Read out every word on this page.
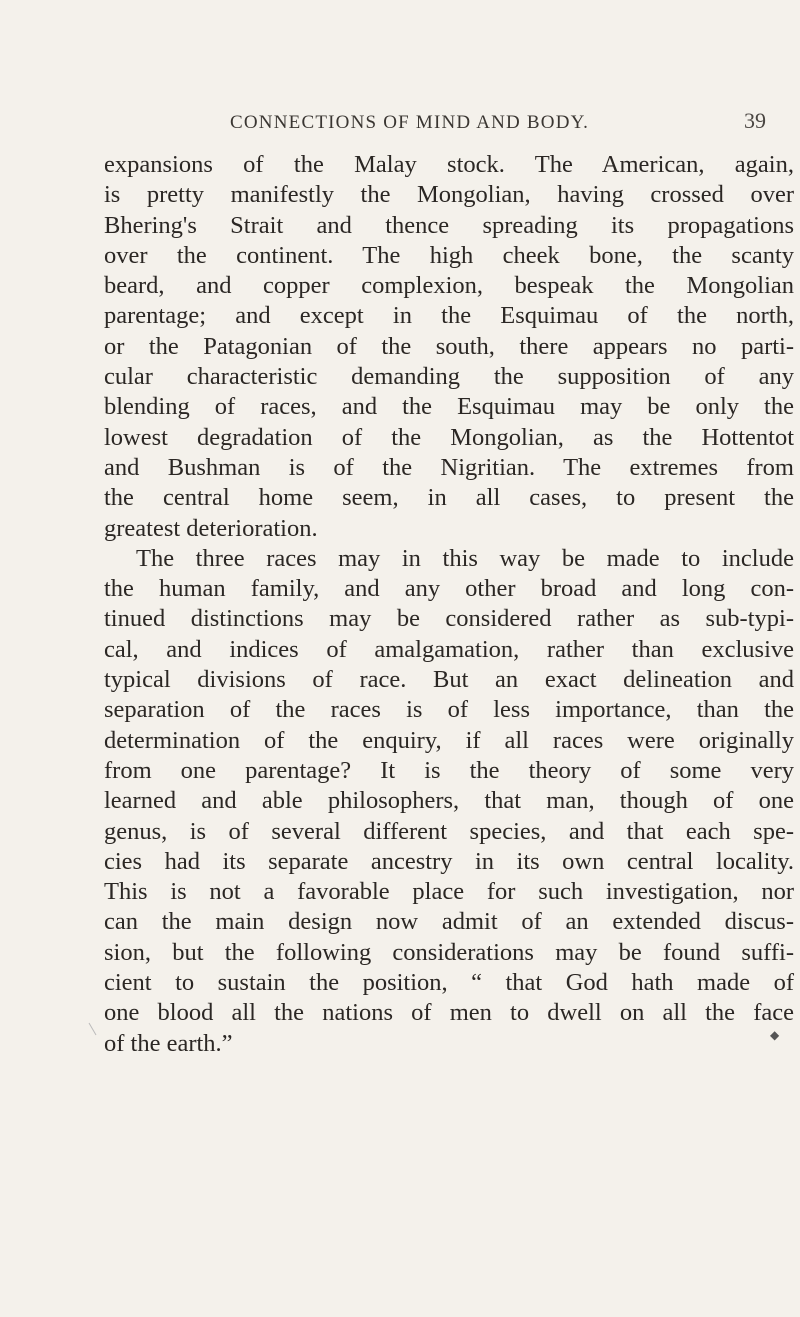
CONNECTIONS OF MIND AND BODY.	39
expansions of the Malay stock. The American, again,
is pretty manifestly the Mongolian, having crossed over
Bhering's Strait and thence spreading its propagations
over the continent. The high cheek bone, the scanty
beard, and copper complexion, bespeak the Mongolian
parentage; and except in the Esquimau of the north,
or the Patagonian of the south, there appears no parti-
cular characteristic demanding the supposition of any
blending of races, and the Esquimau may be only the
lowest degradation of the Mongolian, as the Hottentot
and Bushman is of the Nigritian. The extremes from
the central home seem, in all cases, to present the
greatest deterioration.
The three races may in this way be made to include
the human family, and any other broad and long con-
tinued distinctions may be considered rather as sub-typi-
cal, and indices of amalgamation, rather than exclusive
typical divisions of race. But an exact delineation and
separation of the races is of less importance, than the
determination of the enquiry, if all races were originally
from one parentage? It is the theory of some very
learned and able philosophers, that man, though of one
genus, is of several different species, and that each spe-
cies had its separate ancestry in its own central locality.
This is not a favorable place for such investigation, nor
can the main design now admit of an extended discus-
sion, but the following considerations may be found suffi-
cient to sustain the position, “ that God hath made of
one blood all the nations of men to dwell on all the face
of the earth.”	◆
